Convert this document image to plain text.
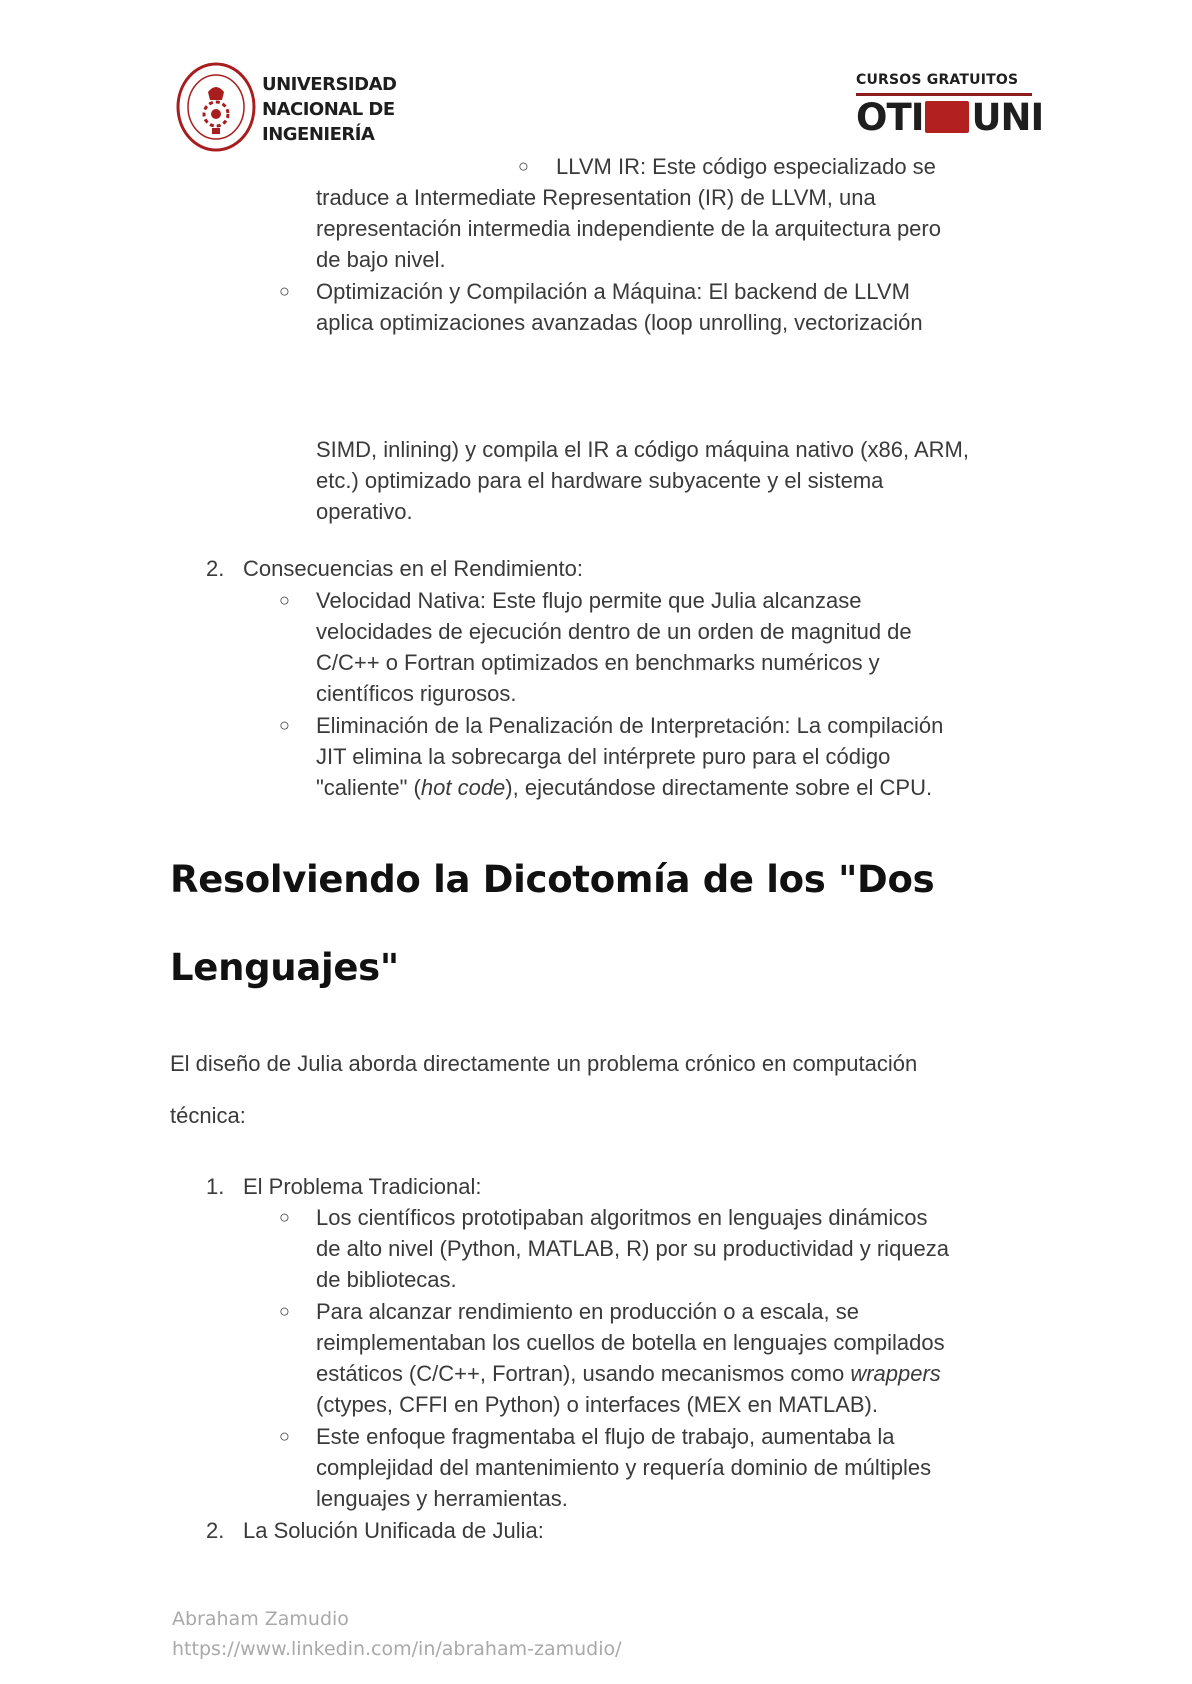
UNIVERSIDAD
NACIONAL DE
INGENIERÍA
CURSOS GRATUITOS
OTI UNI
○ LLVM IR: Este código especializado se
traduce a Intermediate Representation (IR) de LLVM, una
representación intermedia independiente de la arquitectura pero
de bajo nivel.
○ Optimización y Compilación a Máquina: El backend de LLVM
aplica optimizaciones avanzadas (loop unrolling, vectorización
SIMD, inlining) y compila el IR a código máquina nativo (x86, ARM,
etc.) optimizado para el hardware subyacente y el sistema
operativo.
2. Consecuencias en el Rendimiento:
○ Velocidad Nativa: Este flujo permite que Julia alcanzase
velocidades de ejecución dentro de un orden de magnitud de
C/C++ o Fortran optimizados en benchmarks numéricos y
científicos rigurosos.
○ Eliminación de la Penalización de Interpretación: La compilación
JIT elimina la sobrecarga del intérprete puro para el código
"caliente" (hot code), ejecutándose directamente sobre el CPU.
Resolviendo la Dicotomía de los "Dos
Lenguajes"
El diseño de Julia aborda directamente un problema crónico en computación
técnica:
1. El Problema Tradicional:
○ Los científicos prototipaban algoritmos en lenguajes dinámicos
de alto nivel (Python, MATLAB, R) por su productividad y riqueza
de bibliotecas.
○ Para alcanzar rendimiento en producción o a escala, se
reimplementaban los cuellos de botella en lenguajes compilados
estáticos (C/C++, Fortran), usando mecanismos como wrappers
(ctypes, CFFI en Python) o interfaces (MEX en MATLAB).
○ Este enfoque fragmentaba el flujo de trabajo, aumentaba la
complejidad del mantenimiento y requería dominio de múltiples
lenguajes y herramientas.
2. La Solución Unificada de Julia:
Abraham Zamudio
https://www.linkedin.com/in/abraham-zamudio/
